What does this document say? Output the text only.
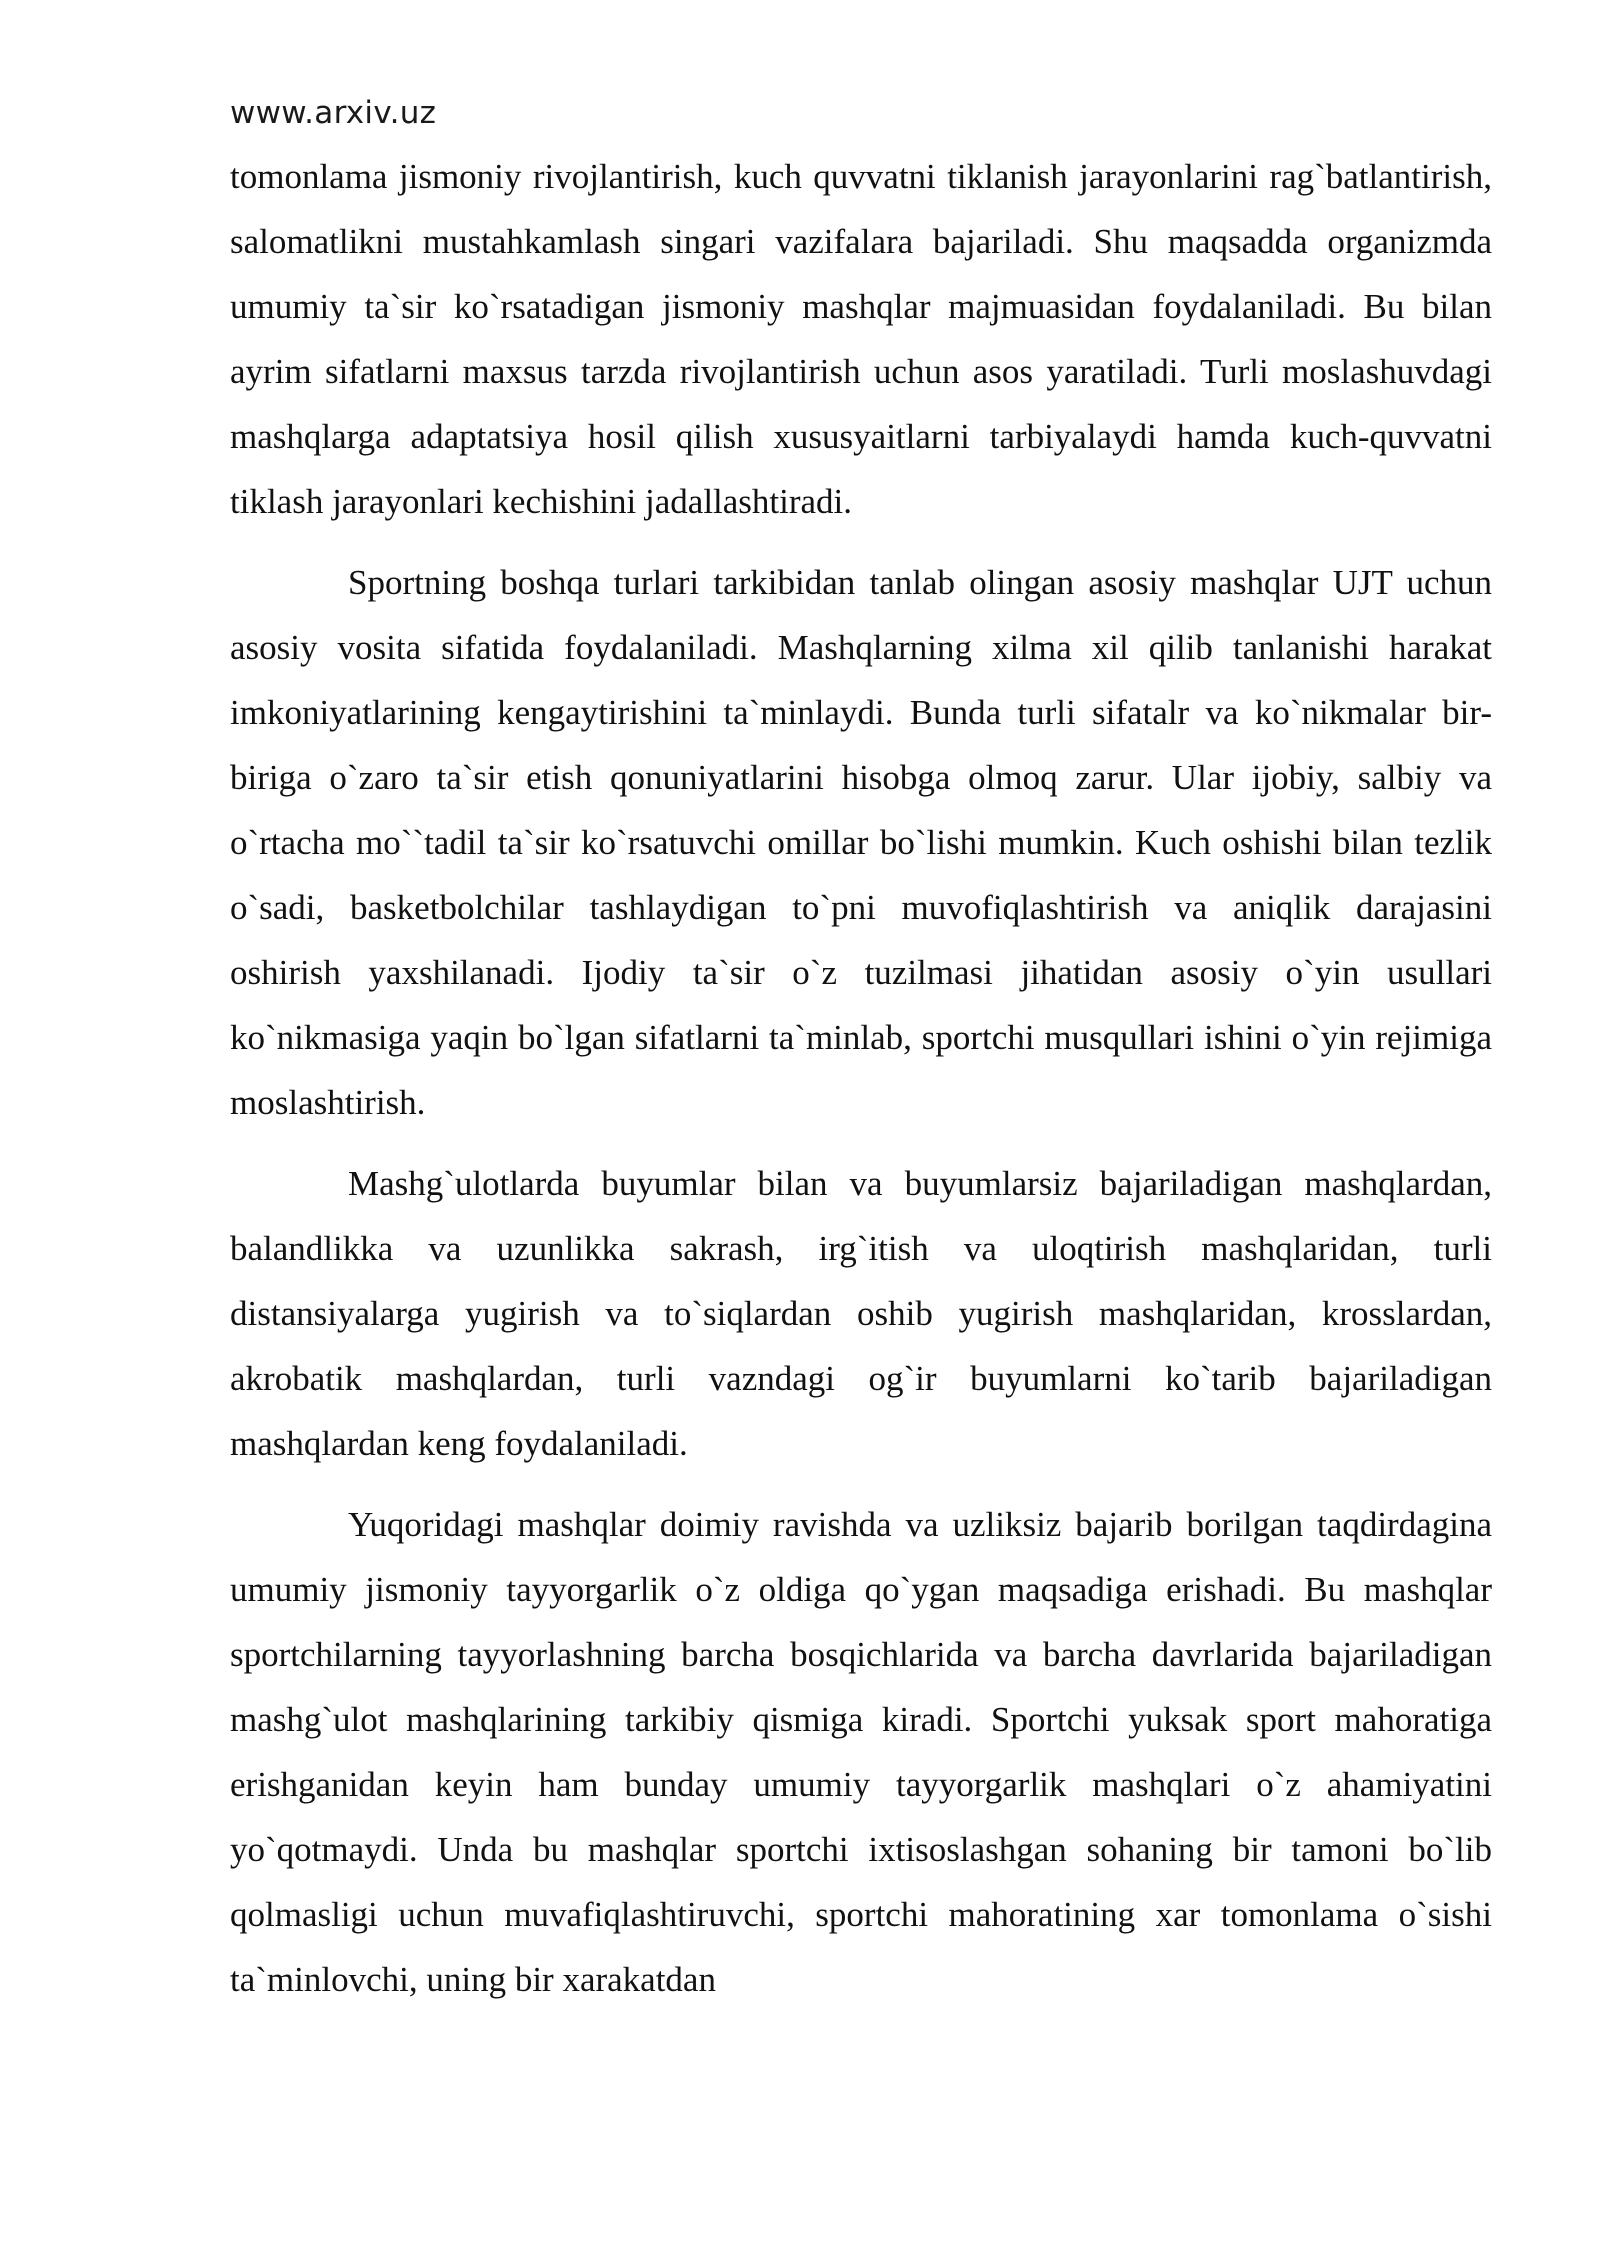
www.arxiv.uz

tomonlama jismoniy rivojlantirish, kuch quvvatni tiklanish jarayonlarini rag`batlantirish, salomatlikni mustahkamlash singari vazifalara bajariladi. Shu maqsadda organizmda umumiy ta`sir ko`rsatadigan jismoniy mashqlar majmuasidan foydalaniladi. Bu bilan ayrim sifatlarni maxsus tarzda rivojlantirish uchun asos yaratiladi. Turli moslashuvdagi mashqlarga adaptatsiya hosil qilish xususyaitlarni tarbiyalaydi hamda kuch-quvvatni tiklash jarayonlari kechishini jadallashtiradi.

Sportning boshqa turlari tarkibidan tanlab olingan asosiy mashqlar UJT uchun asosiy vosita sifatida foydalaniladi. Mashqlarning xilma xil qilib tanlanishi harakat imkoniyatlarining kengaytirishini ta`minlaydi. Bunda turli sifatalr va ko`nikmalar bir-biriga o`zaro ta`sir etish qonuniyatlarini hisobga olmoq zarur. Ular ijobiy, salbiy va o`rtacha mo``tadil ta`sir ko`rsatuvchi omillar bo`lishi mumkin. Kuch oshishi bilan tezlik o`sadi, basketbolchilar tashlaydigan to`pni muvofiqlashtirish va aniqlik darajasini oshirish yaxshilanadi. Ijodiy ta`sir o`z tuzilmasi jihatidan asosiy o`yin usullari ko`nikmasiga yaqin bo`lgan sifatlarni ta`minlab, sportchi musqullari ishini o`yin rejimiga moslashtirish.

Mashg`ulotlarda buyumlar bilan va buyumlarsiz bajariladigan mashqlardan, balandlikka va uzunlikka sakrash, irg`itish va uloqtirish mashqlaridan, turli distansiyalarga yugirish va to`siqlardan oshib yugirish mashqlaridan, krosslardan, akrobatik mashqlardan, turli vazndagi og`ir buyumlarni ko`tarib bajariladigan mashqlardan keng foydalaniladi.

Yuqoridagi mashqlar doimiy ravishda va uzliksiz bajarib borilgan taqdirdagina umumiy jismoniy tayyorgarlik o`z oldiga qo`ygan maqsadiga erishadi. Bu mashqlar sportchilarning tayyorlashning barcha bosqichlarida va barcha davrlarida bajariladigan mashg`ulot mashqlarining tarkibiy qismiga kiradi. Sportchi yuksak sport mahoratiga erishganidan keyin ham bunday umumiy tayyorgarlik mashqlari o`z ahamiyatini yo`qotmaydi. Unda bu mashqlar sportchi ixtisoslashgan sohaning bir tamoni bo`lib qolmasligi uchun muvafiqlashtiruvchi, sportchi mahoratining xar tomonlama o`sishi ta`minlovchi, uning bir xarakatdan
